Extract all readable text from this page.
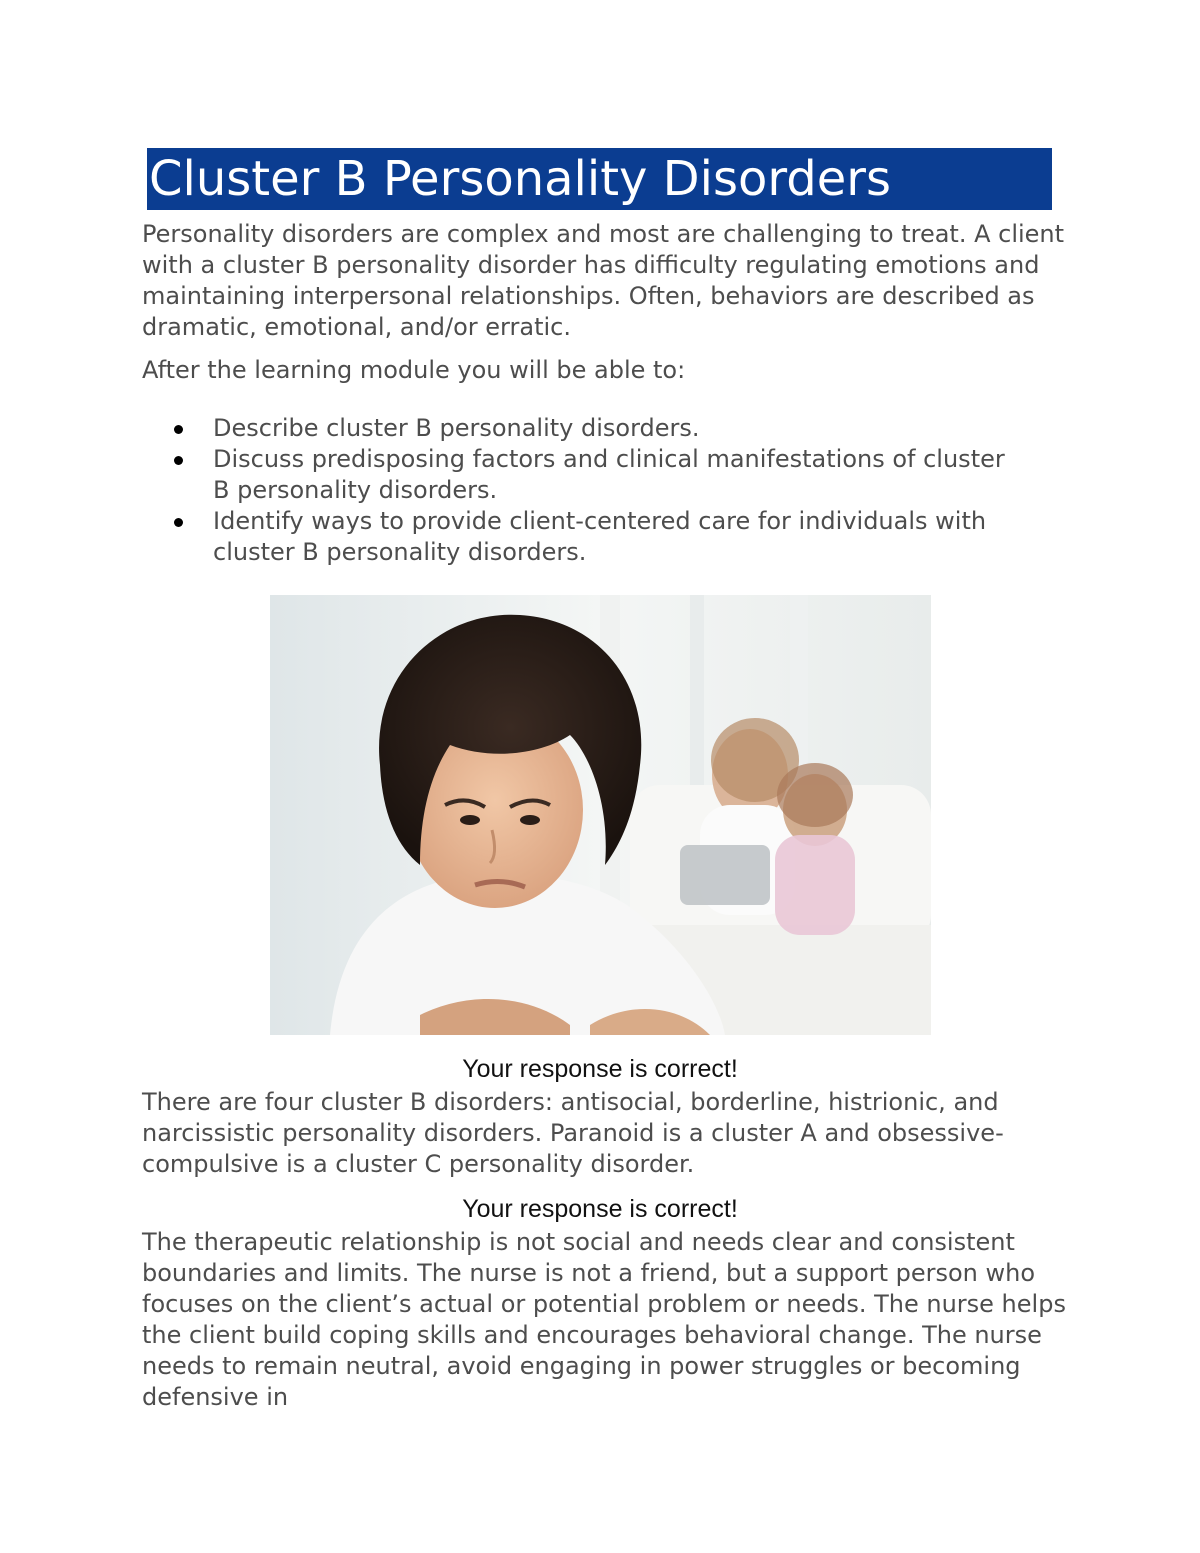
Cluster B Personality Disorders

Personality disorders are complex and most are challenging to treat. A client with a cluster B personality disorder has difficulty regulating emotions and maintaining interpersonal relationships. Often, behaviors are described as dramatic, emotional, and/or erratic.

After the learning module you will be able to:

Describe cluster B personality disorders.
Discuss predisposing factors and clinical manifestations of cluster B personality disorders.
Identify ways to provide client-centered care for individuals with cluster B personality disorders.

Your response is correct!

There are four cluster B disorders: antisocial, borderline, histrionic, and narcissistic personality disorders. Paranoid is a cluster A and obsessive-compulsive is a cluster C personality disorder.

Your response is correct!

The therapeutic relationship is not social and needs clear and consistent boundaries and limits. The nurse is not a friend, but a support person who focuses on the client’s actual or potential problem or needs. The nurse helps the client build coping skills and encourages behavioral change. The nurse needs to remain neutral, avoid engaging in power struggles or becoming defensive in
